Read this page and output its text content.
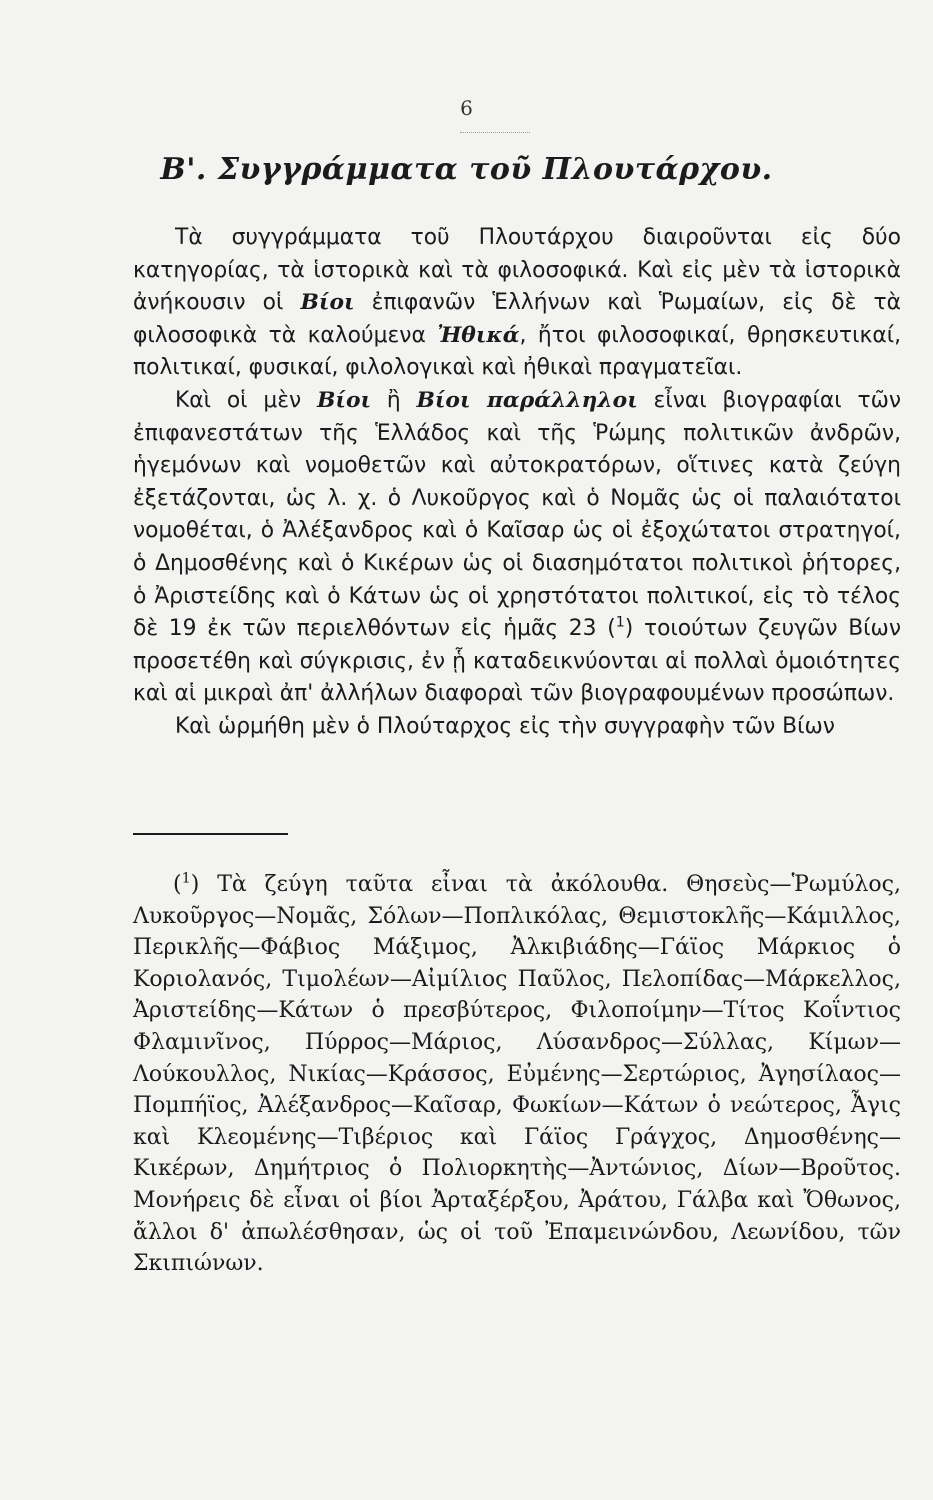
6
Β'. Συγγράμματα τοῦ Πλουτάρχου.

Τὰ συγγράμματα τοῦ Πλουτάρχου διαιροῦνται εἰς δύο κατηγορίας, τὰ ἱστορικὰ καὶ τὰ φιλοσοφικά. Καὶ εἰς μὲν τὰ ἱστορικὰ ἀνήκουσιν οἱ Βίοι ἐπιφανῶν Ἑλλήνων καὶ Ῥωμαίων, εἰς δὲ τὰ φιλοσοφικὰ τὰ καλούμενα Ἠθικά, ἤτοι φιλοσοφικαί, θρησκευτικαί, πολιτικαί, φυσικαί, φιλολογικαὶ καὶ ἠθικαὶ πραγματεῖαι.

Καὶ οἱ μὲν Βίοι ἢ Βίοι παράλληλοι εἶναι βιογραφίαι τῶν ἐπιφανεστάτων τῆς Ἑλλάδος καὶ τῆς Ῥώμης πολιτικῶν ἀνδρῶν, ἡγεμόνων καὶ νομοθετῶν καὶ αὐτοκρατόρων, οἵτινες κατὰ ζεύγη ἐξετάζονται, ὡς λ. χ. ὁ Λυκοῦργος καὶ ὁ Νομᾶς ὡς οἱ παλαιότατοι νομοθέται, ὁ Ἀλέξανδρος καὶ ὁ Καῖσαρ ὡς οἱ ἐξοχώτατοι στρατηγοί, ὁ Δημοσθένης καὶ ὁ Κικέρων ὡς οἱ διασημότατοι πολιτικοὶ ῥήτορες, ὁ Ἀριστείδης καὶ ὁ Κάτων ὡς οἱ χρηστότατοι πολιτικοί, εἰς τὸ τέλος δὲ 19 ἐκ τῶν περιελθόντων εἰς ἡμᾶς 23 ($^1$) τοιούτων ζευγῶν Βίων προσετέθη καὶ σύγκρισις, ἐν ᾗ καταδεικνύονται αἱ πολλαὶ ὁμοιότητες καὶ αἱ μικραὶ ἀπ' ἀλλήλων διαφοραὶ τῶν βιογραφουμένων προσώπων.

Καὶ ὡρμήθη μὲν ὁ Πλούταρχος εἰς τὴν συγγραφὴν τῶν Βίων

($^1$) Τὰ ζεύγη ταῦτα εἶναι τὰ ἀκόλουθα. Θησεὺς—Ῥωμύλος, Λυκοῦργος—Νομᾶς, Σόλων—Ποπλικόλας, Θεμιστοκλῆς—Κάμιλλος, Περικλῆς—Φάβιος Μάξιμος, Ἀλκιβιάδης—Γάϊος Μάρκιος ὁ Κοριολανός, Τιμολέων—Αἰμίλιος Παῦλος, Πελοπίδας—Μάρκελλος, Ἀριστείδης—Κάτων ὁ πρεσβύτερος, Φιλοποίμην—Τίτος Κοΐντιος Φλαμινῖνος, Πύρρος—Μάριος, Λύσανδρος—Σύλλας, Κίμων—Λούκουλλος, Νικίας—Κράσσος, Εὐμένης—Σερτώριος, Ἀγησίλαος—Πομπήϊος, Ἀλέξανδρος—Καῖσαρ, Φωκίων—Κάτων ὁ νεώτερος, Ἆγις καὶ Κλεομένης—Τιβέριος καὶ Γάϊος Γράγχος, Δημοσθένης—Κικέρων, Δημήτριος ὁ Πολιορκητὴς—Ἀντώνιος, Δίων—Βροῦτος. Μονήρεις δὲ εἶναι οἱ βίοι Ἀρταξέρξου, Ἀράτου, Γάλβα καὶ Ὄθωνος, ἄλλοι δ' ἀπωλέσθησαν, ὡς οἱ τοῦ Ἐπαμεινώνδου, Λεωνίδου, τῶν Σκιπιώνων.
